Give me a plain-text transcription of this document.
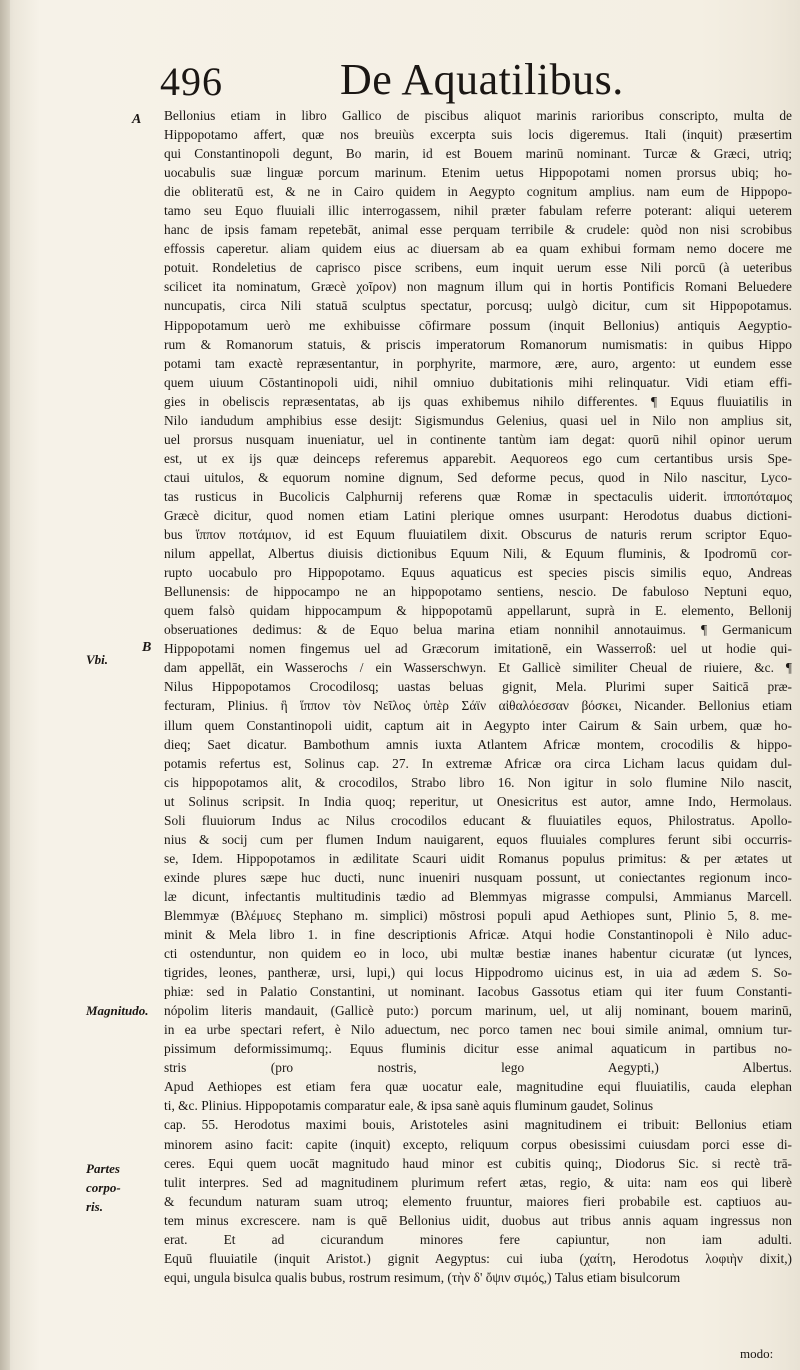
496	De Aquatilibus.
A
B
Vbi.
Magnitudo.
Partes corpo-
ris.
Bellonius etiam in libro Gallico de piscibus aliquot marinis rarioribus conscripto, multa de
Hippopotamo affert, quæ nos breuiùs excerpta suis locis digeremus. Itali (inquit) præsertim
qui Constantinopoli degunt, Bo marin, id est Bouem marinū nominant. Turcæ & Græci, utriq;
uocabulis suæ linguæ porcum marinum. Etenim uetus Hippopotami nomen prorsus ubiq; ho-
die obliteratū est, & ne in Cairo quidem in Aegypto cognitum amplius. nam eum de Hippopo-
tamo seu Equo fluuiali illic interrogassem, nihil præter fabulam referre poterant: aliqui ueterem
hanc de ipsis famam repetebāt, animal esse perquam terribile & crudele: quòd non nisi scrobibus
effossis caperetur. aliam quidem eius ac diuersam ab ea quam exhibui formam nemo docere me
potuit. Rondeletius de caprisco pisce scribens, eum inquit uerum esse Nili porcū (à ueteribus
scilicet ita nominatum, Græcè χοῖρον) non magnum illum qui in hortis Pontificis Romani Beluedere
nuncupatis, circa Nili statuā sculptus spectatur, porcusq; uulgò dicitur, cum sit Hippopotamus.
Hippopotamum uerò me exhibuisse cōfirmare possum (inquit Bellonius) antiquis Aegyptio-
rum & Romanorum statuis, & priscis imperatorum Romanorum numismatis: in quibus Hippo
potami tam exactè repræsentantur, in porphyrite, marmore, ære, auro, argento: ut eundem esse
quem uiuum Cōstantinopoli uidi, nihil omniuo dubitationis mihi relinquatur. Vidi etiam effi-
gies in obeliscis repræsentatas, ab ijs quas exhibemus nihilo differentes. ¶ Equus fluuiatilis in
Nilo iandudum amphibius esse desijt: Sigismundus Gelenius, quasi uel in Nilo non amplius sit,
uel prorsus nusquam inueniatur, uel in continente tantùm iam degat: quorū nihil opinor uerum
est, ut ex ijs quæ deinceps referemus apparebit. Aequoreos ego cum certantibus ursis Spe-
ctaui uitulos, & equorum nomine dignum, Sed deforme pecus, quod in Nilo nascitur, Lyco-
tas rusticus in Bucolicis Calphurnij referens quæ Romæ in spectaculis uiderit. ἱπποπόταμος
Græcè dicitur, quod nomen etiam Latini plerique omnes usurpant: Herodotus duabus dictioni-
bus ἵππον ποτάμιον, id est Equum fluuiatilem dixit. Obscurus de naturis rerum scriptor Equo-
nilum appellat, Albertus diuisis dictionibus Equum Nili, & Equum fluminis, & Ipodromū cor-
rupto uocabulo pro Hippopotamo. Equus aquaticus est species piscis similis equo, Andreas
Bellunensis: de hippocampo ne an hippopotamo sentiens, nescio. De fabuloso Neptuni equo,
quem falsò quidam hippocampum & hippopotamū appellarunt, suprà in E. elemento, Bellonij
obseruationes dedimus: & de Equo belua marina etiam nonnihil annotauimus. ¶ Germanicum
Hippopotami nomen fingemus uel ad Græcorum imitationē, ein Wasserroß: uel ut hodie qui-
dam appellāt, ein Wasserochs / ein Wasserschwyn. Et Gallicè similiter Cheual de riuiere, &c. ¶
Nilus Hippopotamos Crocodilosq; uastas beluas gignit, Mela. Plurimi super Saiticā præ-
fecturam, Plinius. ἣ ἵππον τὸν Νεῖλος ὑπὲρ Σάϊν αἰθαλόεσσαν βόσκει, Nicander. Bellonius etiam
illum quem Constantinopoli uidit, captum ait in Aegypto inter Cairum & Sain urbem, quæ ho-
dieq; Saet dicatur. Bambothum amnis iuxta Atlantem Africæ montem, crocodilis & hippo-
potamis refertus est, Solinus cap. 27. In extremæ Africæ ora circa Licham lacus quidam dul-
cis hippopotamos alit, & crocodilos, Strabo libro 16. Non igitur in solo flumine Nilo nascit,
ut Solinus scripsit. In India quoq; reperitur, ut Onesicritus est autor, amne Indo, Hermolaus.
Soli fluuiorum Indus ac Nilus crocodilos educant & fluuiatiles equos, Philostratus. Apollo-
nius & socij cum per flumen Indum nauigarent, equos fluuiales complures ferunt sibi occurris-
se, Idem. Hippopotamos in ædilitate Scauri uidit Romanus populus primitus: & per ætates ut
exinde plures sæpe huc ducti, nunc inueniri nusquam possunt, ut coniectantes regionum inco-
læ dicunt, infectantis multitudinis tædio ad Blemmyas migrasse compulsi, Ammianus Marcell.
Blemmyæ (Βλέμυες Stephano m. simplici) mōstrosi populi apud Aethiopes sunt, Plinio 5, 8. me-
minit & Mela libro 1. in fine descriptionis Africæ. Atqui hodie Constantinopoli è Nilo aduc-
cti ostenduntur, non quidem eo in loco, ubi multæ bestiæ inanes habentur cicuratæ (ut lynces,
tigrides, leones, pantheræ, ursi, lupi,) qui locus Hippodromo uicinus est, in uia ad ædem S. So-
phiæ: sed in Palatio Constantini, ut nominant. Iacobus Gassotus etiam qui iter fuum Constanti-
nópolim literis mandauit, (Gallicè puto:) porcum marinum, uel, ut alij nominant, bouem marinū,
in ea urbe spectari refert, è Nilo aduectum, nec porco tamen nec boui simile animal, omnium tur-
pissimum deformissimumq;. Equus fluminis dicitur esse animal aquaticum in partibus no-
stris (pro nostris, lego Aegypti,) Albertus.
Apud Aethiopes est etiam fera quæ uocatur eale, magnitudine equi fluuiatilis, cauda elephan
ti, &c. Plinius. Hippopotamis comparatur eale, & ipsa sanè aquis fluminum gaudet, Solinus
cap. 55. Herodotus maximi bouis, Aristoteles asini magnitudinem ei tribuit: Bellonius etiam
minorem asino facit: capite (inquit) excepto, reliquum corpus obesissimi cuiusdam porci esse di-
ceres. Equi quem uocāt magnitudo haud minor est cubitis quinq;, Diodorus Sic. si rectè trā-
tulit interpres. Sed ad magnitudinem plurimum refert ætas, regio, & uita: nam eos qui liberè
& fecundum naturam suam utroq; elemento fruuntur, maiores fieri probabile est. captiuos au-
tem minus excrescere. nam is quē Bellonius uidit, duobus aut tribus annis aquam ingressus non
erat. Et ad cicurandum minores fere capiuntur, non iam adulti.
Equū fluuiatile (inquit Aristot.) gignit Aegyptus: cui iuba (χαίτη, Herodotus λοφιὴν dixit,)
equi, ungula bisulca qualis bubus, rostrum resimum, (τὴν δ' ὄψιν σιμός,) Talus etiam bisulcorum
modo:
